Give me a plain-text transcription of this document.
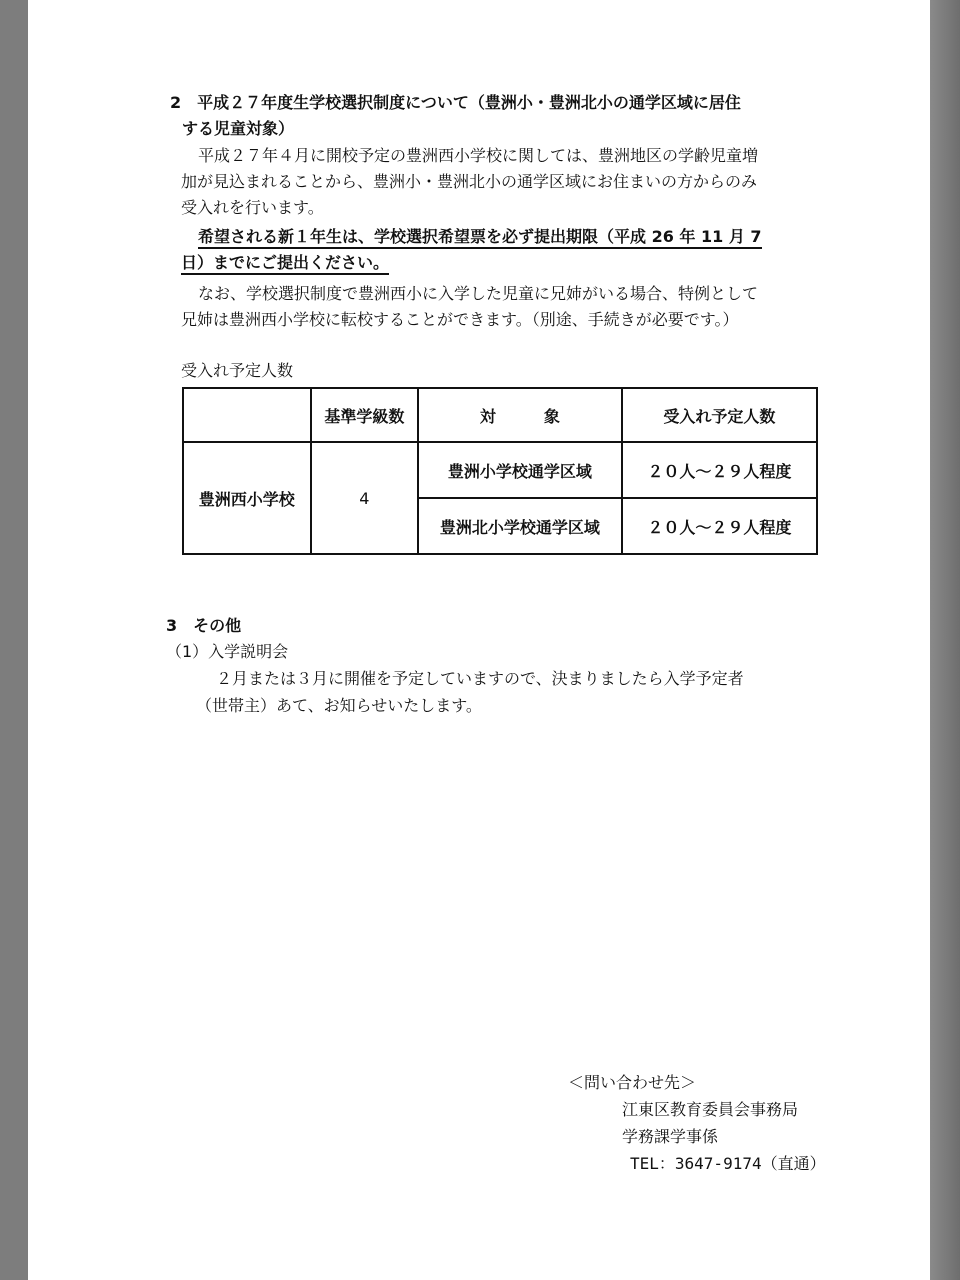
2　平成２７年度生学校選択制度について（豊洲小・豊洲北小の通学区域に居住
する児童対象）
平成２７年４月に開校予定の豊洲西小学校に関しては、豊洲地区の学齢児童増
加が見込まれることから、豊洲小・豊洲北小の通学区域にお住まいの方からのみ
受入れを行います。
希望される新１年生は、学校選択希望票を必ず提出期限（平成 26 年 11 月 7
日）までにご提出ください。
なお、学校選択制度で豊洲西小に入学した児童に兄姉がいる場合、特例として
兄姉は豊洲西小学校に転校することができます。（別途、手続きが必要です。）
受入れ予定人数
	基準学級数	対　　　象	受入れ予定人数
豊洲西小学校	4	豊洲小学校通学区域	２０人～２９人程度
		豊洲北小学校通学区域	２０人～２９人程度
3　その他
（1）入学説明会
２月または３月に開催を予定していますので、決まりましたら入学予定者
（世帯主）あて、お知らせいたします。
＜問い合わせ先＞
江東区教育委員会事務局
学務課学事係
TEL：3647-9174（直通）
